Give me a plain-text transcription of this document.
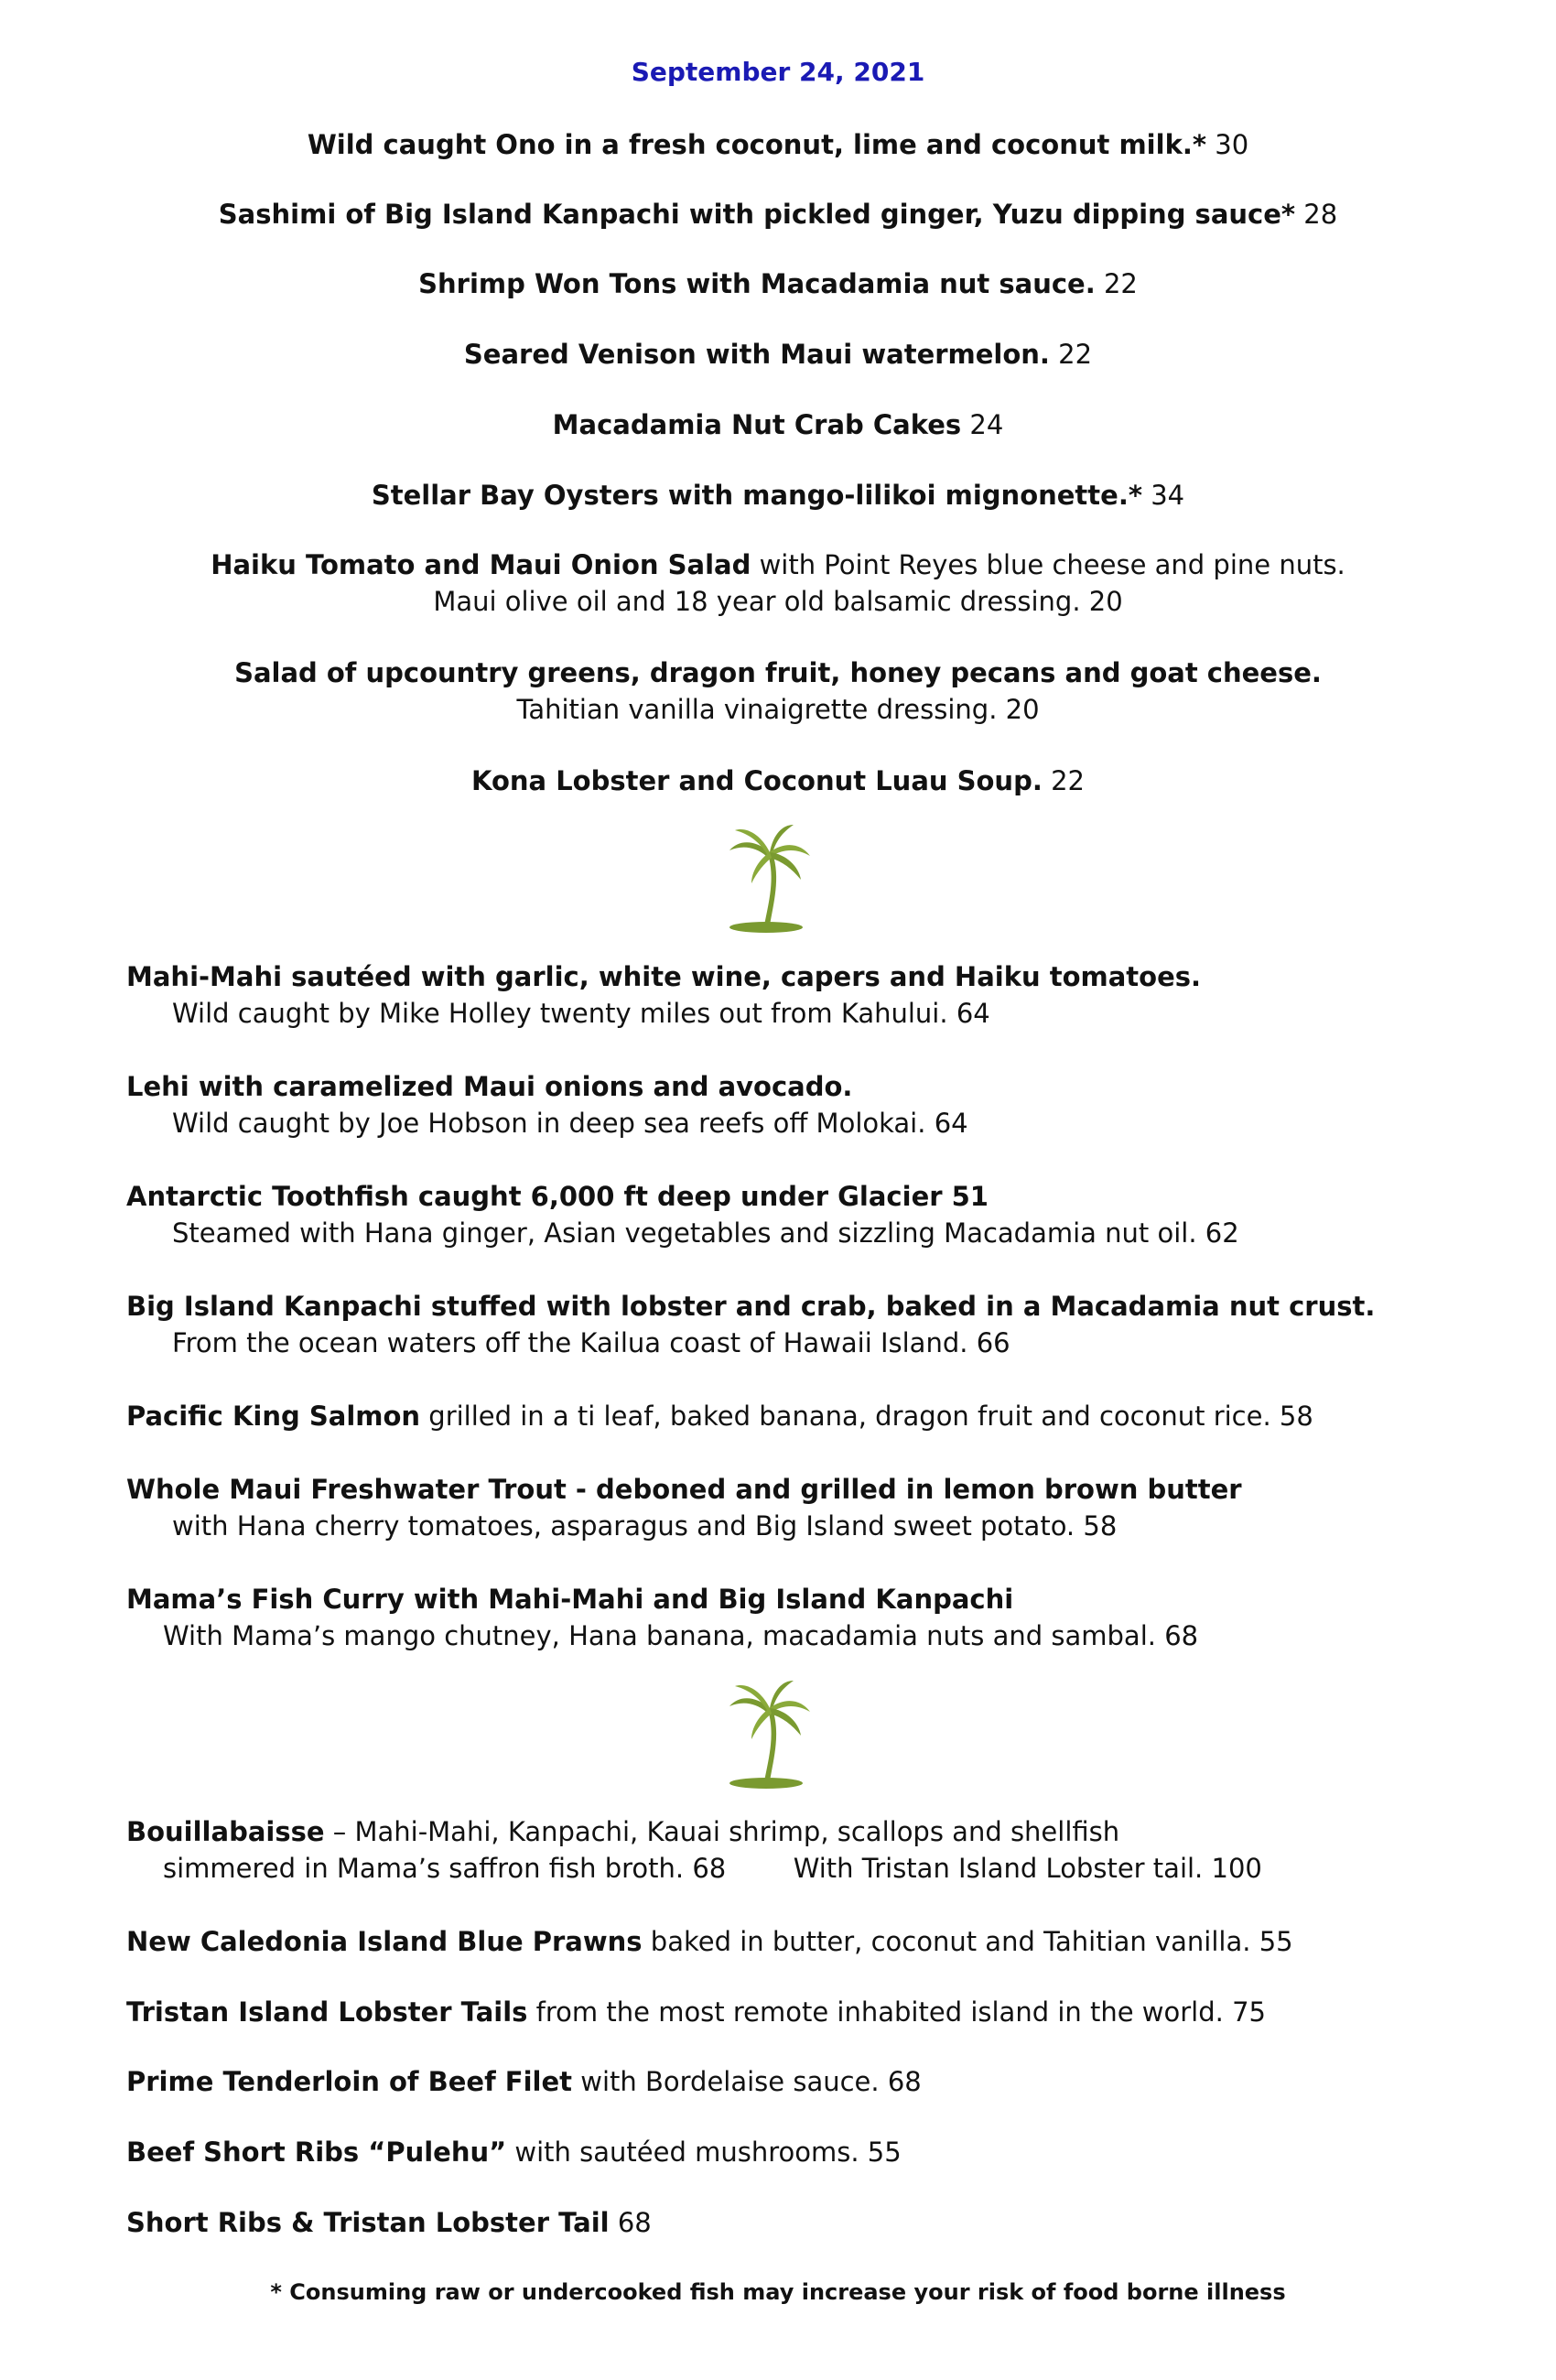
September 24, 2021
Wild caught Ono in a fresh coconut, lime and coconut milk.* 30
Sashimi of Big Island Kanpachi with pickled ginger, Yuzu dipping sauce* 28
Shrimp Won Tons with Macadamia nut sauce. 22
Seared Venison with Maui watermelon. 22
Macadamia Nut Crab Cakes 24
Stellar Bay Oysters with mango-lilikoi mignonette.* 34
Haiku Tomato and Maui Onion Salad with Point Reyes blue cheese and pine nuts.
Maui olive oil and 18 year old balsamic dressing. 20
Salad of upcountry greens, dragon fruit, honey pecans and goat cheese.
Tahitian vanilla vinaigrette dressing. 20
Kona Lobster and Coconut Luau Soup. 22
Mahi-Mahi sautéed with garlic, white wine, capers and Haiku tomatoes.
Wild caught by Mike Holley twenty miles out from Kahului. 64
Lehi with caramelized Maui onions and avocado.
Wild caught by Joe Hobson in deep sea reefs off Molokai. 64
Antarctic Toothfish caught 6,000 ft deep under Glacier 51
Steamed with Hana ginger, Asian vegetables and sizzling Macadamia nut oil. 62
Big Island Kanpachi stuffed with lobster and crab, baked in a Macadamia nut crust.
From the ocean waters off the Kailua coast of Hawaii Island. 66
Pacific King Salmon grilled in a ti leaf, baked banana, dragon fruit and coconut rice. 58
Whole Maui Freshwater Trout - deboned and grilled in lemon brown butter
with Hana cherry tomatoes, asparagus and Big Island sweet potato. 58
Mama’s Fish Curry with Mahi-Mahi and Big Island Kanpachi
With Mama’s mango chutney, Hana banana, macadamia nuts and sambal. 68
Bouillabaisse – Mahi-Mahi, Kanpachi, Kauai shrimp, scallops and shellfish
simmered in Mama’s saffron fish broth. 68	With Tristan Island Lobster tail. 100
New Caledonia Island Blue Prawns baked in butter, coconut and Tahitian vanilla. 55
Tristan Island Lobster Tails from the most remote inhabited island in the world. 75
Prime Tenderloin of Beef Filet with Bordelaise sauce. 68
Beef Short Ribs “Pulehu” with sautéed mushrooms. 55
Short Ribs & Tristan Lobster Tail 68
* Consuming raw or undercooked fish may increase your risk of food borne illness
